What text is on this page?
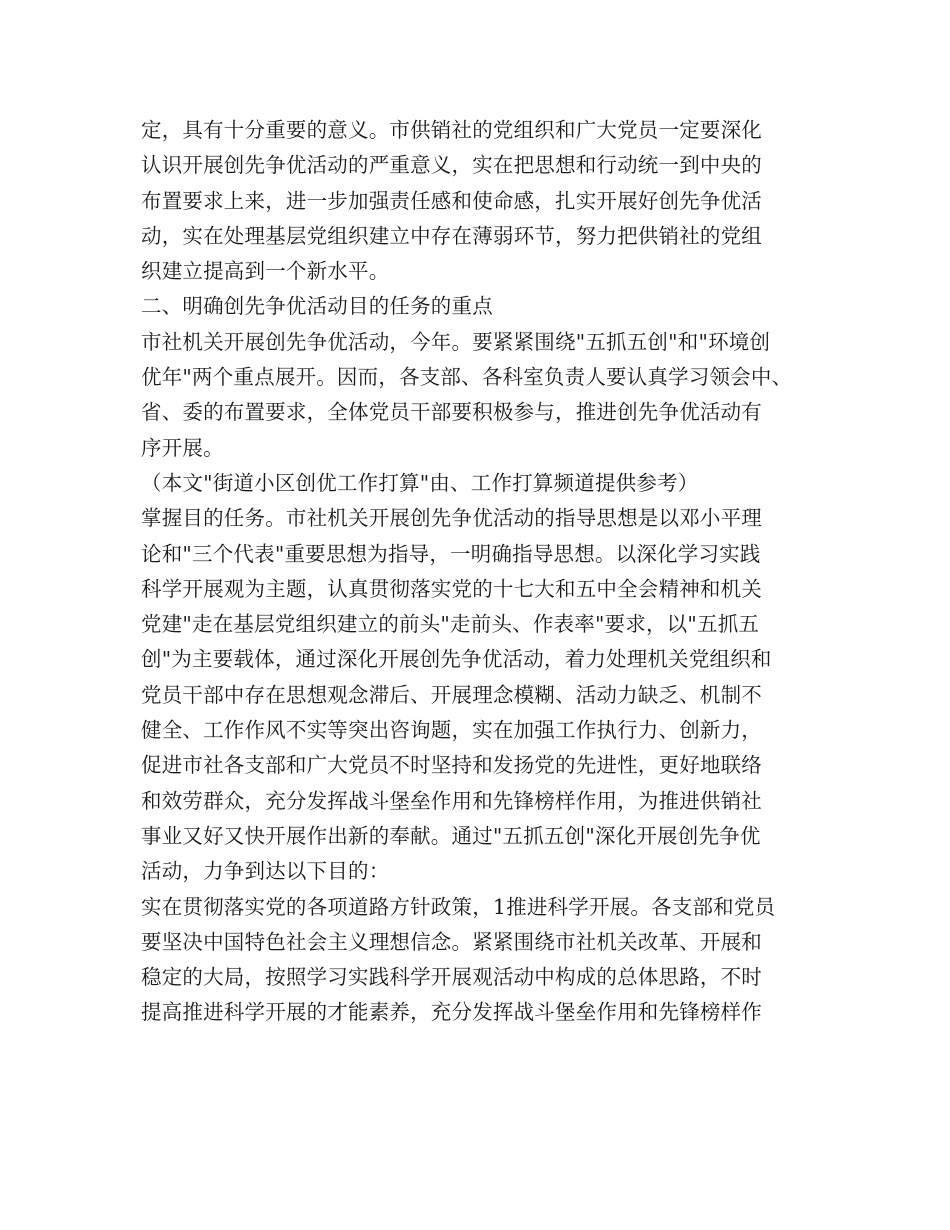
定，具有十分重要的意义。市供销社的党组织和广大党员一定要深化
认识开展创先争优活动的严重意义，实在把思想和行动统一到中央的
布置要求上来，进一步加强责任感和使命感，扎实开展好创先争优活
动，实在处理基层党组织建立中存在薄弱环节，努力把供销社的党组
织建立提高到一个新水平。
二、明确创先争优活动目的任务的重点
市社机关开展创先争优活动，今年。要紧紧围绕"五抓五创"和"环境创
优年"两个重点展开。因而，各支部、各科室负责人要认真学习领会中、
省、委的布置要求，全体党员干部要积极参与，推进创先争优活动有
序开展。
（本文"街道小区创优工作打算"由、工作打算频道提供参考）
掌握目的任务。市社机关开展创先争优活动的指导思想是以邓小平理
论和"三个代表"重要思想为指导，一明确指导思想。以深化学习实践
科学开展观为主题，认真贯彻落实党的十七大和五中全会精神和机关
党建"走在基层党组织建立的前头"走前头、作表率"要求，以"五抓五
创"为主要载体，通过深化开展创先争优活动，着力处理机关党组织和
党员干部中存在思想观念滞后、开展理念模糊、活动力缺乏、机制不
健全、工作作风不实等突出咨询题，实在加强工作执行力、创新力，
促进市社各支部和广大党员不时坚持和发扬党的先进性，更好地联络
和效劳群众，充分发挥战斗堡垒作用和先锋榜样作用，为推进供销社
事业又好又快开展作出新的奉献。通过"五抓五创"深化开展创先争优
活动，力争到达以下目的：
实在贯彻落实党的各项道路方针政策，1推进科学开展。各支部和党员
要坚决中国特色社会主义理想信念。紧紧围绕市社机关改革、开展和
稳定的大局，按照学习实践科学开展观活动中构成的总体思路，不时
提高推进科学开展的才能素养，充分发挥战斗堡垒作用和先锋榜样作
